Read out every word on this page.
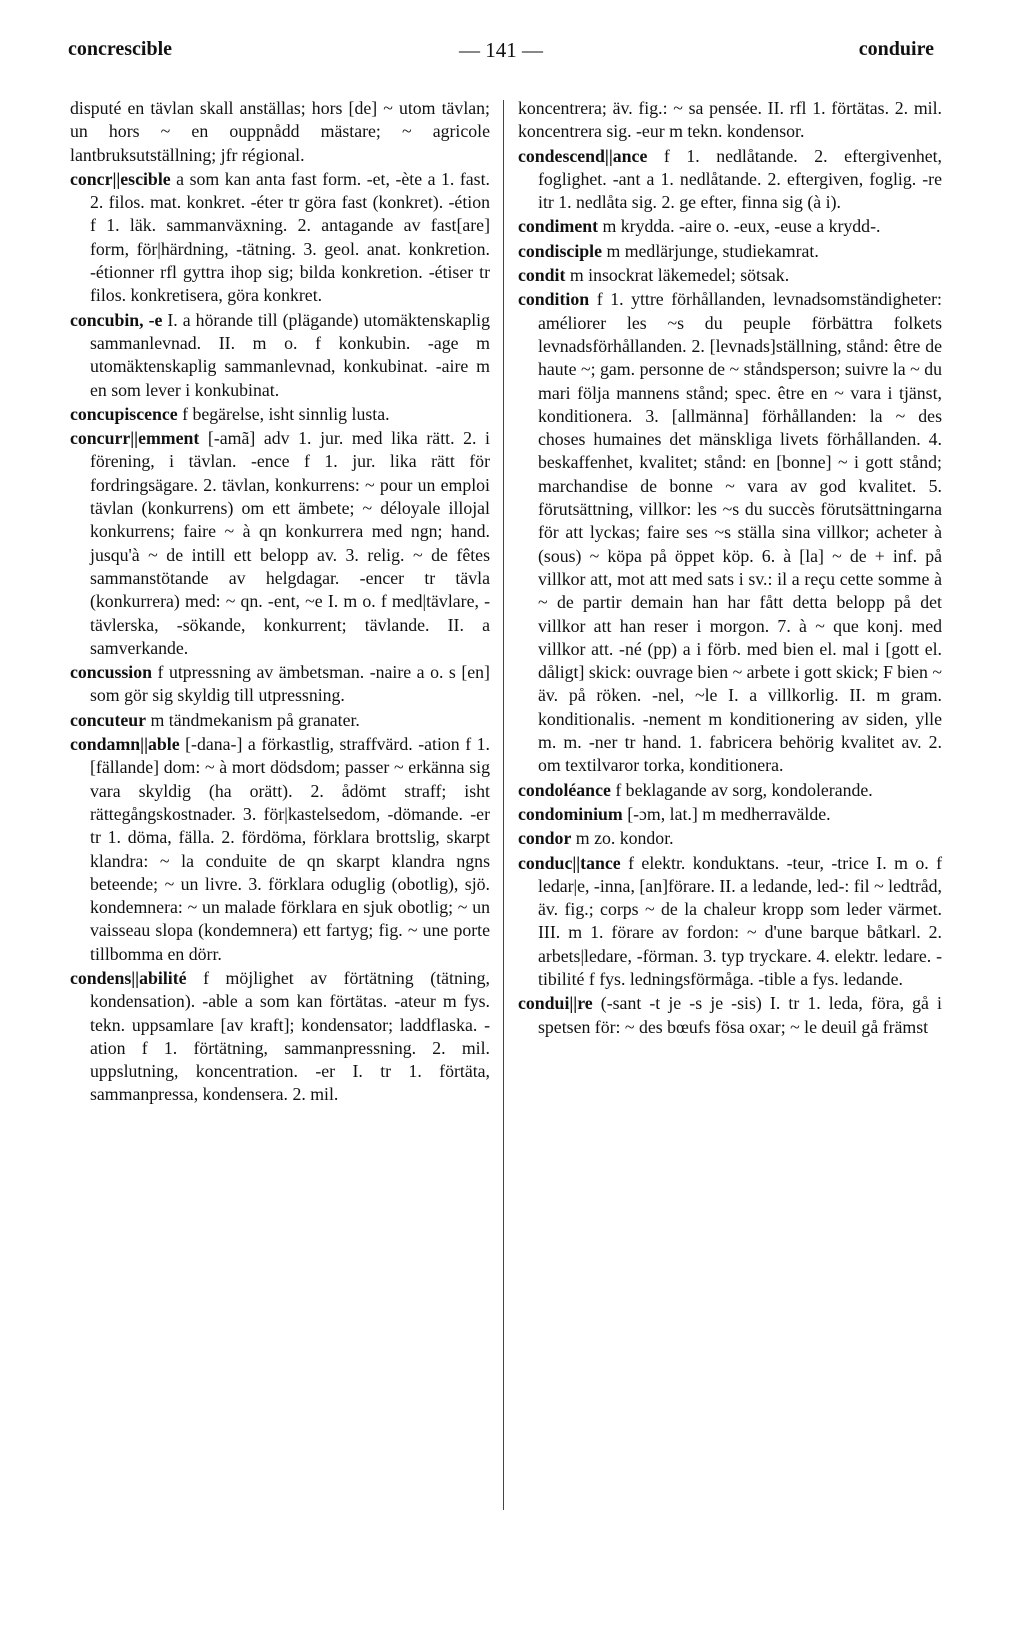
— 141 —
concrescible	conduire
disputé en tävlan skall anställas; hors [de] ~ utom tävlan; un hors ~ en ouppnådd mästare; ~ agricole lantbruksutställning; jfr régional.
concr||escible a som kan anta fast form. -et, -ète a 1. fast. 2. filos. mat. konkret. -éter tr göra fast (konkret). -étion f 1. läk. sammanväxning. 2. antagande av fast[are] form, för|härdning, -tätning. 3. geol. anat. konkretion. -étionner rfl gyttra ihop sig; bilda konkretion. -étiser tr filos. konkretisera, göra konkret.
concubin, -e I. a hörande till (plägande) utomäktenskaplig sammanlevnad. II. m o. f konkubin. -age m utomäktenskaplig sammanlevnad, konkubinat. -aire m en som lever i konkubinat.
concupiscence f begärelse, isht sinnlig lusta.
concurr||emment [-amã] adv 1. jur. med lika rätt. 2. i förening, i tävlan. -ence f 1. jur. lika rätt för fordringsägare. 2. tävlan, konkurrens: ~ pour un emploi tävlan (konkurrens) om ett ämbete; ~ déloyale illojal konkurrens; faire ~ à qn konkurrera med ngn; hand. jusqu'à ~ de intill ett belopp av. 3. relig. ~ de fêtes sammanstötande av helgdagar. -encer tr tävla (konkurrera) med: ~ qn. -ent, ~e I. m o. f med|tävlare, -tävlerska, -sökande, konkurrent; tävlande. II. a samverkande.
concussion f utpressning av ämbetsman. -naire a o. s [en] som gör sig skyldig till utpressning.
concuteur m tändmekanism på granater.
condamn||able [-dana-] a förkastlig, straffvärd. -ation f 1. [fällande] dom: ~ à mort dödsdom; passer ~ erkänna sig vara skyldig (ha orätt). 2. ådömt straff; isht rättegångskostnader. 3. för|kastelsedom, -dömande. -er tr 1. döma, fälla. 2. fördöma, förklara brottslig, skarpt klandra: ~ la conduite de qn skarpt klandra ngns beteende; ~ un livre. 3. förklara oduglig (obotlig), sjö. kondemnera: ~ un malade förklara en sjuk obotlig; ~ un vaisseau slopa (kondemnera) ett fartyg; fig. ~ une porte tillbomma en dörr.
condens||abilité f möjlighet av förtätning (tätning, kondensation). -able a som kan förtätas. -ateur m fys. tekn. uppsamlare [av kraft]; kondensator; laddflaska. -ation f 1. förtätning, sammanpressning. 2. mil. uppslutning, koncentration. -er I. tr 1. förtäta, sammanpressa, kondensera. 2. mil.
koncentrera; äv. fig.: ~ sa pensée. II. rfl 1. förtätas. 2. mil. koncentrera sig. -eur m tekn. kondensor.
condescend||ance f 1. nedlåtande. 2. eftergivenhet, foglighet. -ant a 1. nedlåtande. 2. eftergiven, foglig. -re itr 1. nedlåta sig. 2. ge efter, finna sig (à i).
condiment m krydda. -aire o. -eux, -euse a krydd-.
condisciple m medlärjunge, studiekamrat.
condit m insockrat läkemedel; sötsak.
condition f 1. yttre förhållanden, levnadsomständigheter: améliorer les ~s du peuple förbättra folkets levnadsförhållanden. 2. [levnads]ställning, stånd: être de haute ~; gam. personne de ~ ståndsperson; suivre la ~ du mari följa mannens stånd; spec. être en ~ vara i tjänst, konditionera. 3. [allmänna] förhållanden: la ~ des choses humaines det mänskliga livets förhållanden. 4. beskaffenhet, kvalitet; stånd: en [bonne] ~ i gott stånd; marchandise de bonne ~ vara av god kvalitet. 5. förutsättning, villkor: les ~s du succès förutsättningarna för att lyckas; faire ses ~s ställa sina villkor; acheter à (sous) ~ köpa på öppet köp. 6. à [la] ~ de + inf. på villkor att, mot att med sats i sv.: il a reçu cette somme à ~ de partir demain han har fått detta belopp på det villkor att han reser i morgon. 7. à ~ que konj. med villkor att. -né (pp) a i förb. med bien el. mal i [gott el. dåligt] skick: ouvrage bien ~ arbete i gott skick; F bien ~ äv. på röken. -nel, ~le I. a villkorlig. II. m gram. konditionalis. -nement m konditionering av siden, ylle m. m. -ner tr hand. 1. fabricera behörig kvalitet av. 2. om textilvaror torka, konditionera.
condoléance f beklagande av sorg, kondolerande.
condominium [-ɔm, lat.] m medherravälde.
condor m zo. kondor.
conduc||tance f elektr. konduktans. -teur, -trice I. m o. f ledar|e, -inna, [an]förare. II. a ledande, led-: fil ~ ledtråd, äv. fig.; corps ~ de la chaleur kropp som leder värmet. III. m 1. förare av fordon: ~ d'une barque båtkarl. 2. arbets|ledare, -förman. 3. typ tryckare. 4. elektr. ledare. -tibilité f fys. ledningsförmåga. -tible a fys. ledande.
condui||re (-sant -t je -s je -sis) I. tr 1. leda, föra, gå i spetsen för: ~ des bœufs fösa oxar; ~ le deuil gå främst
